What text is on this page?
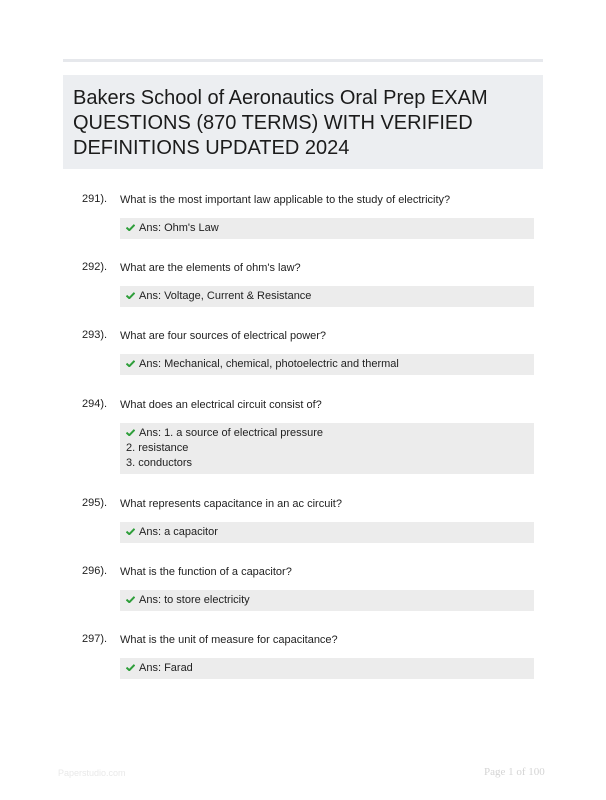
Bakers School of Aeronautics Oral Prep EXAM QUESTIONS (870 TERMS) WITH VERIFIED DEFINITIONS UPDATED 2024
291). What is the most important law applicable to the study of electricity?
Ans: Ohm's Law
292). What are the elements of ohm's law?
Ans: Voltage, Current & Resistance
293). What are four sources of electrical power?
Ans: Mechanical, chemical, photoelectric and thermal
294). What does an electrical circuit consist of?
Ans: 1. a source of electrical pressure
2. resistance
3. conductors
295). What represents capacitance in an ac circuit?
Ans: a capacitor
296). What is the function of a capacitor?
Ans: to store electricity
297). What is the unit of measure for capacitance?
Ans: Farad
Paperstudio.com	Page 1 of 100
